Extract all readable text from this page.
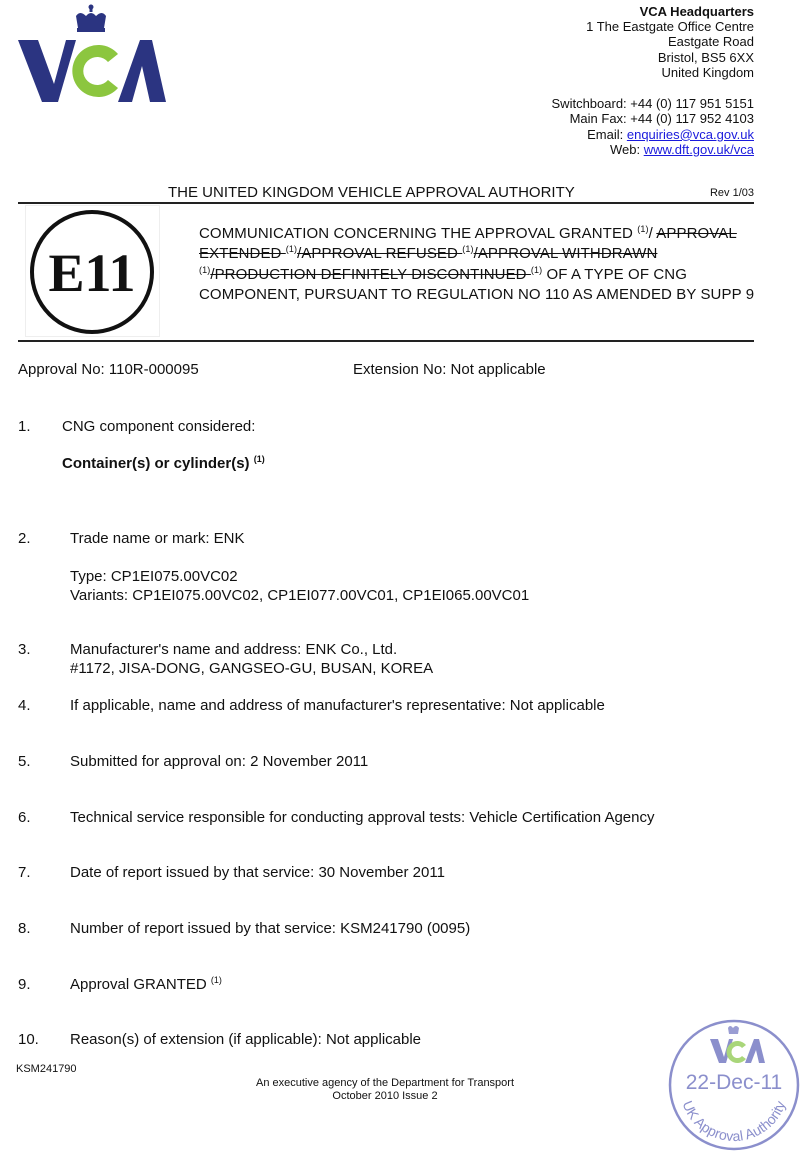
VCA Headquarters
1 The Eastgate Office Centre
Eastgate Road
Bristol, BS5 6XX
United Kingdom
Switchboard: +44 (0) 117 951 5151
Main Fax: +44 (0) 117 952 4103
Email: enquiries@vca.gov.uk
Web: www.dft.gov.uk/vca
THE UNITED KINGDOM VEHICLE APPROVAL AUTHORITY	Rev 1/03
E11
COMMUNICATION CONCERNING THE APPROVAL GRANTED $^{(1)}$/ APPROVAL EXTENDED $^{(1)}$/APPROVAL REFUSED $^{(1)}$/APPROVAL WITHDRAWN $^{(1)}$/PRODUCTION DEFINITELY DISCONTINUED $^{(1)}$ OF A TYPE OF CNG COMPONENT, PURSUANT TO REGULATION NO 110 AS AMENDED BY SUPP 9
Approval No: 110R-000095	Extension No: Not applicable
1. CNG component considered:
Container(s) or cylinder(s) $^{(1)}$
2.	Trade name or mark: ENK

Type: CP1EI075.00VC02
Variants: CP1EI075.00VC02, CP1EI077.00VC01, CP1EI065.00VC01
3.	Manufacturer's name and address: ENK Co., Ltd.
#1172, JISA-DONG, GANGSEO-GU, BUSAN, KOREA
4.	If applicable, name and address of manufacturer's representative: Not applicable
5.	Submitted for approval on: 2 November 2011
6.	Technical service responsible for conducting approval tests: Vehicle Certification Agency
7.	Date of report issued by that service: 30 November 2011
8.	Number of report issued by that service: KSM241790 (0095)
9.	Approval GRANTED $^{(1)}$
10. Reason(s) of extension (if applicable): Not applicable
KSM241790
An executive agency of the Department for Transport
October 2010 Issue 2
22-Dec-11
UK Approval Authority
